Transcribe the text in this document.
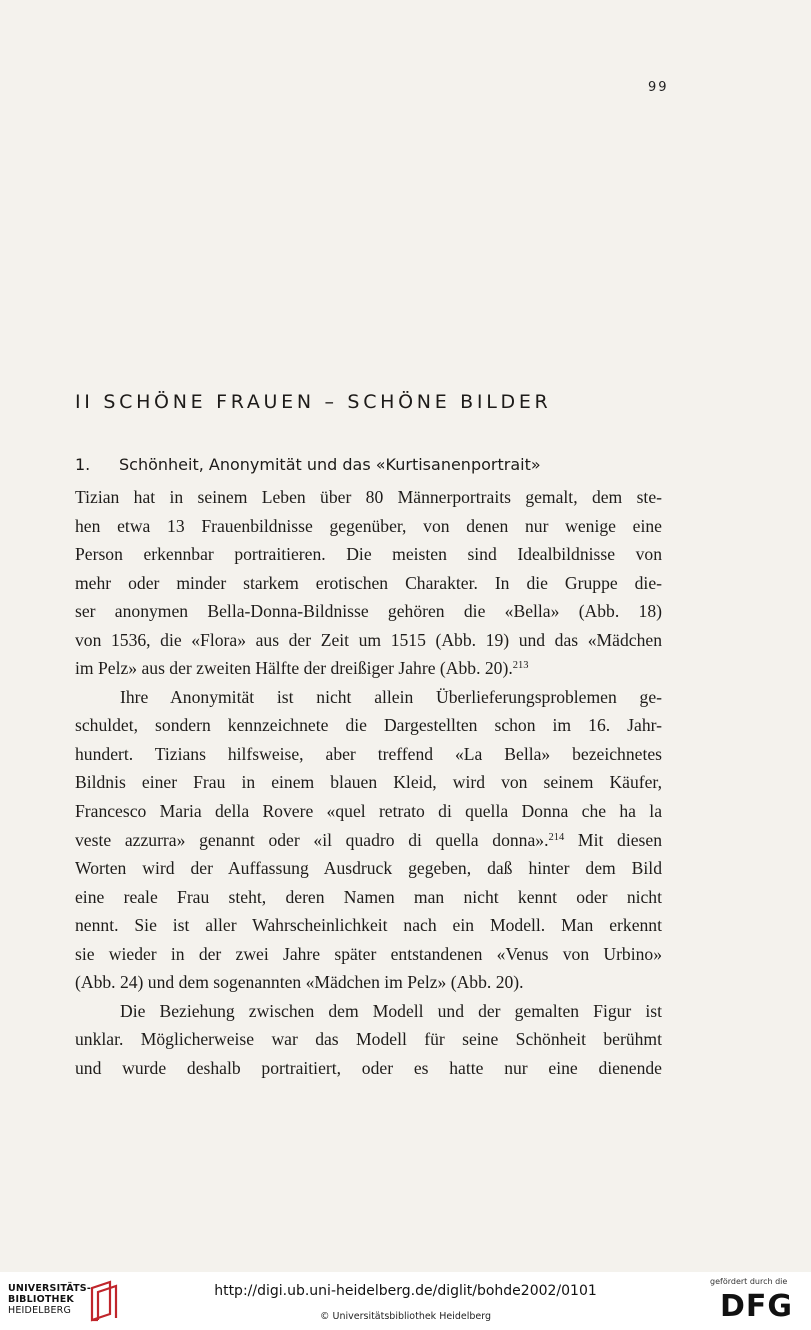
99
II SCHÖNE FRAUEN – SCHÖNE BILDER
1. Schönheit, Anonymität und das «Kurtisanenportrait»
Tizian hat in seinem Leben über 80 Männerportraits gemalt, dem ste-
hen etwa 13 Frauenbildnisse gegenüber, von denen nur wenige eine
Person erkennbar portraitieren. Die meisten sind Idealbildnisse von
mehr oder minder starkem erotischen Charakter. In die Gruppe die-
ser anonymen Bella-Donna-Bildnisse gehören die «Bella» (Abb. 18)
von 1536, die «Flora» aus der Zeit um 1515 (Abb. 19) und das «Mädchen
im Pelz» aus der zweiten Hälfte der dreißiger Jahre (Abb. 20).$^{213}$
Ihre Anonymität ist nicht allein Überlieferungsproblemen ge-
schuldet, sondern kennzeichnete die Dargestellten schon im 16. Jahr-
hundert. Tizians hilfsweise, aber treffend «La Bella» bezeichnetes
Bildnis einer Frau in einem blauen Kleid, wird von seinem Käufer,
Francesco Maria della Rovere «quel retrato di quella Donna che ha la
veste azzurra» genannt oder «il quadro di quella donna».$^{214}$ Mit diesen
Worten wird der Auffassung Ausdruck gegeben, daß hinter dem Bild
eine reale Frau steht, deren Namen man nicht kennt oder nicht
nennt. Sie ist aller Wahrscheinlichkeit nach ein Modell. Man erkennt
sie wieder in der zwei Jahre später entstandenen «Venus von Urbino»
(Abb. 24) und dem sogenannten «Mädchen im Pelz» (Abb. 20).
Die Beziehung zwischen dem Modell und der gemalten Figur ist
unklar. Möglicherweise war das Modell für seine Schönheit berühmt
und wurde deshalb portraitiert, oder es hatte nur eine dienende
UNIVERSITÄTS-
BIBLIOTHEK
HEIDELBERG
http://digi.ub.uni-heidelberg.de/diglit/bohde2002/0101
© Universitätsbibliothek Heidelberg
gefördert durch die
DFG
